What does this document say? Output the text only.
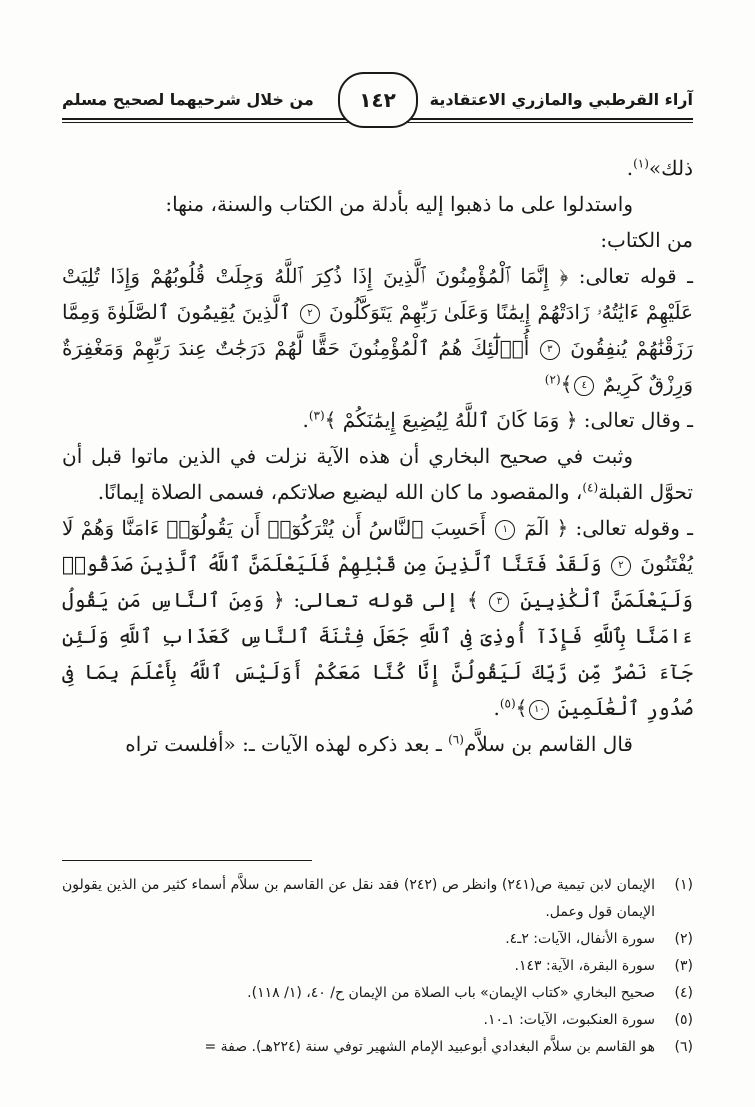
آراء القرطبي والمازري الاعتقادية
من خلال شرحيهما لصحيح مسلم	١٤٢

ذلك»$^{(١)}$.

واستدلوا على ما ذهبوا إليه بأدلة من الكتاب والسنة، منها:

من الكتاب:

ـ قوله تعالى: ﴿ إِنَّمَا ٱلْمُؤْمِنُونَ ٱلَّذِينَ إِذَا ذُكِرَ ٱللَّهُ وَجِلَتْ قُلُوبُهُمْ وَإِذَا تُلِيَتْ عَلَيْهِمْ ءَايَٰتُهُۥ زَادَتْهُمْ إِيمَٰنًا وَعَلَىٰ رَبِّهِمْ يَتَوَكَّلُونَ ٢ ٱلَّذِينَ يُقِيمُونَ ٱلصَّلَوٰةَ وَمِمَّا رَزَقْنَٰهُمْ يُنفِقُونَ ٣ أُو۟لَٰٓئِكَ هُمُ ٱلْمُؤْمِنُونَ حَقًّا لَّهُمْ دَرَجَٰتٌ عِندَ رَبِّهِمْ وَمَغْفِرَةٌ وَرِزْقٌ كَرِيمٌ ٤﴾$^{(٢)}$

ـ وقال تعالى: ﴿ وَمَا كَانَ ٱللَّهُ لِيُضِيعَ إِيمَٰنَكُمْ ﴾$^{(٣)}$.

وثبت في صحيح البخاري أن هذه الآية نزلت في الذين ماتوا قبل أن تحوَّل القبلة$^{(٤)}$، والمقصود ما كان الله ليضيع صلاتكم، فسمى الصلاة إيمانًا.

ـ وقوله تعالى: ﴿ الٓمٓ ١ أَحَسِبَ ٱلنَّاسُ أَن يُتْرَكُوٓا۟ أَن يَقُولُوٓا۟ ءَامَنَّا وَهُمْ لَا يُفْتَنُونَ ٢ وَلَقَدْ فَتَنَّا ٱلَّذِينَ مِن قَبْلِهِمْ فَلَيَعْلَمَنَّ ٱللَّهُ ٱلَّذِينَ صَدَقُوا۟ وَلَيَعْلَمَنَّ ٱلْكَٰذِبِينَ ٣ ﴾ إلى قوله تعالى: ﴿ وَمِنَ ٱلنَّاسِ مَن يَقُولُ ءَامَنَّا بِٱللَّهِ فَإِذَآ أُوذِىَ فِى ٱللَّهِ جَعَلَ فِتْنَةَ ٱلنَّاسِ كَعَذَابِ ٱللَّهِ وَلَئِن جَآءَ نَصْرٌ مِّن رَّبِّكَ لَيَقُولُنَّ إِنَّا كُنَّا مَعَكُمْ أَوَلَيْسَ ٱللَّهُ بِأَعْلَمَ بِمَا فِى صُدُورِ ٱلْعَٰلَمِينَ ١٠﴾$^{(٥)}$.

قال القاسم بن سلاَّم$^{(٦)}$ ـ بعد ذكره لهذه الآيات ـ: «أفلست تراه

(١)
الإيمان لابن تيمية ص(٢٤١) وانظر ص (٢٤٢) فقد نقل عن القاسم بن سلاَّم أسماء كثير من الذين يقولون الإيمان قول وعمل.
(٢)
سورة الأنفال، الآيات: ٢ـ٤.
(٣)
سورة البقرة، الآية: ١٤٣.
(٤)
صحيح البخاري «كتاب الإيمان» باب الصلاة من الإيمان ح/ ٤٠، (١/ ١١٨).
(٥)
سورة العنكبوت، الآيات: ١ـ١٠.
(٦)
هو القاسم بن سلاَّم البغدادي أبوعبيد الإمام الشهير توفي سنة (٢٢٤هـ). صفة =
